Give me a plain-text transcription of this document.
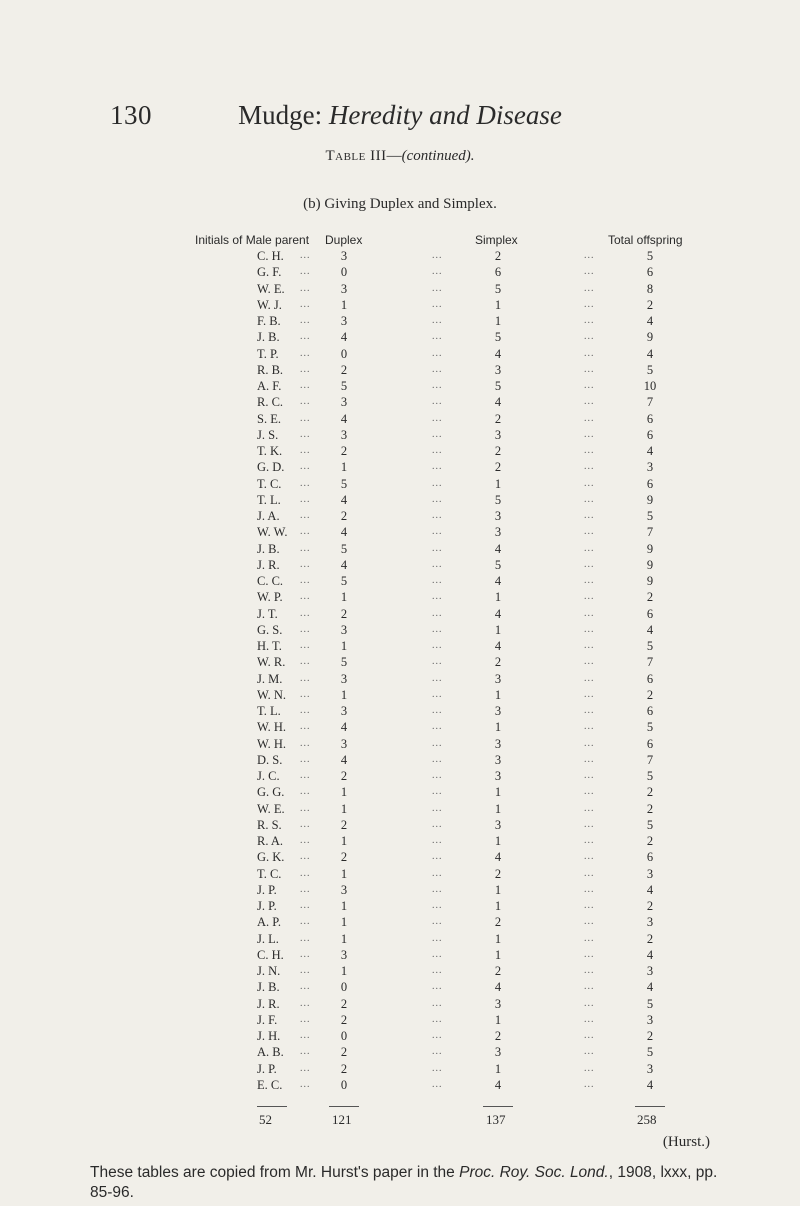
130	Mudge: Heredity and Disease
Table III—(continued).
(b) Giving Duplex and Simplex.
Initials of Male parent Duplex	Simplex	Total offspring
C. H. ...	3	...	2	...	5
G. F. ...	0	...	6	...	6
W. E. ...	3	...	5	...	8
W. J. ...	1	...	1	...	2
F. B. ...	3	...	1	...	4
J. B. ...	4	...	5	...	9
T. P. ...	0	...	4	...	4
R. B. ...	2	...	3	...	5
A. F. ...	5	...	5	...	10
R. C. ...	3	...	4	...	7
S. E. ...	4	...	2	...	6
J. S. ...	3	...	3	...	6
T. K. ...	2	...	2	...	4
G. D. ...	1	...	2	...	3
T. C. ...	5	...	1	...	6
T. L. ...	4	...	5	...	9
J. A. ...	2	...	3	...	5
W. W. ...	4	...	3	...	7
J. B. ...	5	...	4	...	9
J. R. ...	4	...	5	...	9
C. C. ...	5	...	4	...	9
W. P. ...	1	...	1	...	2
J. T. ...	2	...	4	...	6
G. S. ...	3	...	1	...	4
H. T. ...	1	...	4	...	5
W. R. ...	5	...	2	...	7
J. M. ...	3	...	3	...	6
W. N. ...	1	...	1	...	2
T. L. ...	3	...	3	...	6
W. H. ...	4	...	1	...	5
W. H. ...	3	...	3	...	6
D. S. ...	4	...	3	...	7
J. C. ...	2	...	3	...	5
G. G. ...	1	...	1	...	2
W. E. ...	1	...	1	...	2
R. S. ...	2	...	3	...	5
R. A. ...	1	...	1	...	2
G. K. ...	2	...	4	...	6
T. C. ...	1	...	2	...	3
J. P. ...	3	...	1	...	4
J. P. ...	1	...	1	...	2
A. P. ...	1	...	2	...	3
J. L. ...	1	...	1	...	2
C. H. ...	3	...	1	...	4
J. N. ...	1	...	2	...	3
J. B. ...	0	...	4	...	4
J. R. ...	2	...	3	...	5
J. F. ...	2	...	1	...	3
J. H. ...	0	...	2	...	2
A. B. ...	2	...	3	...	5
J. P. ...	2	...	1	...	3
E. C. ...	0	...	4	...	4
52	121	137	258
(Hurst.)
These tables are copied from Mr. Hurst's paper in the Proc. Roy. Soc. Lond., 1908, lxxx, pp. 85-96.
